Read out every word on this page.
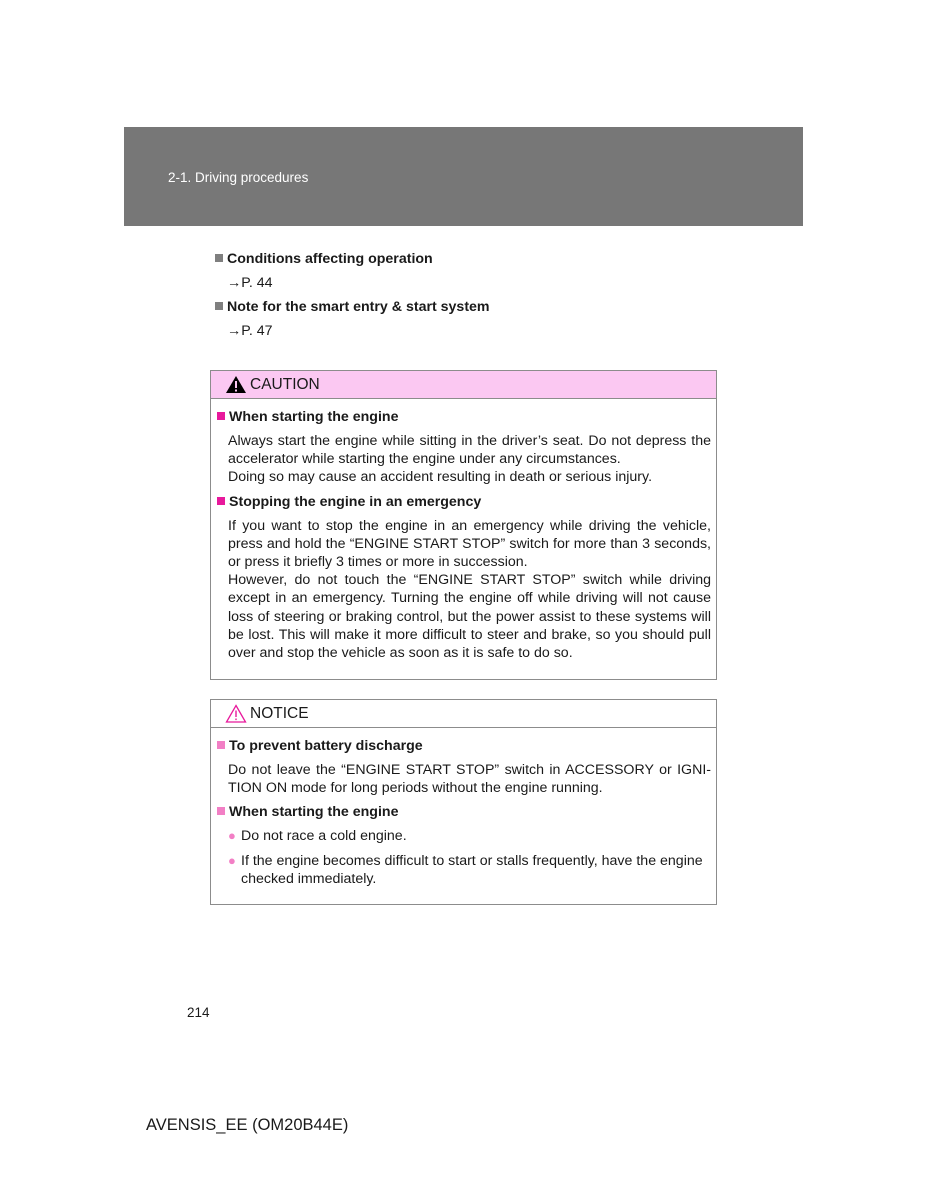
2-1. Driving procedures
Conditions affecting operation
→P. 44
Note for the smart entry & start system
→P. 47
CAUTION
When starting the engine

Always start the engine while sitting in the driver’s seat. Do not depress the accelerator while starting the engine under any circumstances.

Doing so may cause an accident resulting in death or serious injury.

Stopping the engine in an emergency

If you want to stop the engine in an emergency while driving the vehicle, press and hold the “ENGINE START STOP” switch for more than 3 seconds, or press it briefly 3 times or more in succession.

However, do not touch the “ENGINE START STOP” switch while driving except in an emergency. Turning the engine off while driving will not cause loss of steering or braking control, but the power assist to these systems will be lost. This will make it more difficult to steer and brake, so you should pull over and stop the vehicle as soon as it is safe to do so.

NOTICE
To prevent battery discharge

Do not leave the “ENGINE START STOP” switch in ACCESSORY or IGNI-TION ON mode for long periods without the engine running.

When starting the engine
● Do not race a cold engine.
● If the engine becomes difficult to start or stalls frequently, have the engine checked immediately.
214
AVENSIS_EE (OM20B44E)
